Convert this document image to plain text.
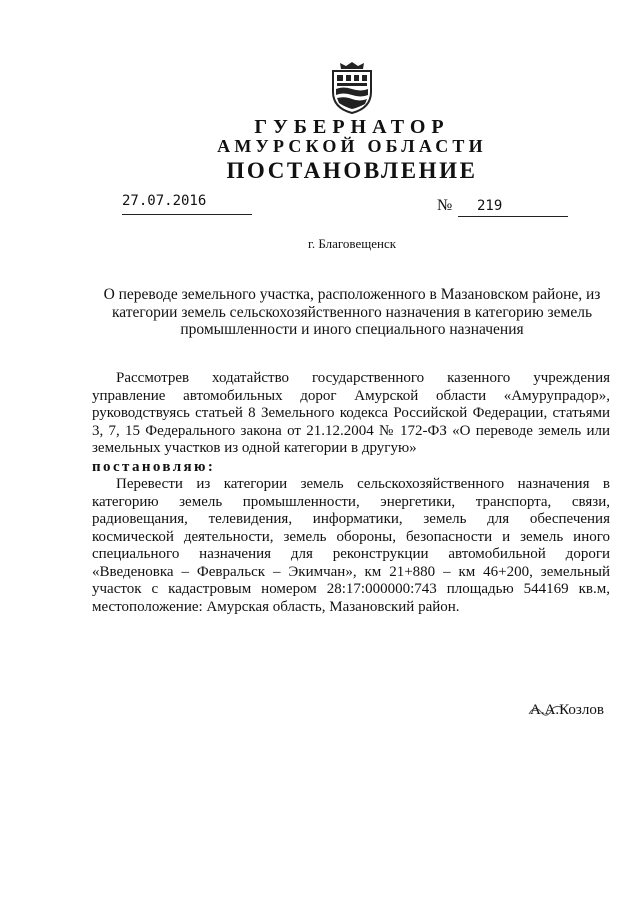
ГУБЕРНАТОР
АМУРСКОЙ ОБЛАСТИ
ПОСТАНОВЛЕНИЕ
27.07.2016	№ 219
г. Благовещенск
О переводе земельного участка, расположенного в Мазановском районе, из категории земель сельскохозяйственного назначения в категорию земель промышленности и иного специального назначения

Рассмотрев ходатайство государственного казенного учреждения управление автомобильных дорог Амурской области «Амурупрадор», руководствуясь статьей 8 Земельного кодекса Российской Федерации, статьями 3, 7, 15 Федерального закона от 21.12.2004 № 172-ФЗ «О переводе земель или земельных участков из одной категории в другую»

постановляю:

Перевести из категории земель сельскохозяйственного назначения в категорию земель промышленности, энергетики, транспорта, связи, радиовещания, телевидения, информатики, земель для обеспечения космической деятельности, земель обороны, безопасности и земель иного специального назначения для реконструкции автомобильной дороги «Введеновка – Февральск – Экимчан», км 21+880 – км 46+200, земельный участок с кадастровым номером 28:17:000000:743 площадью 544169 кв.м, местоположение: Амурская область, Мазановский район.

А.А.Козлов
